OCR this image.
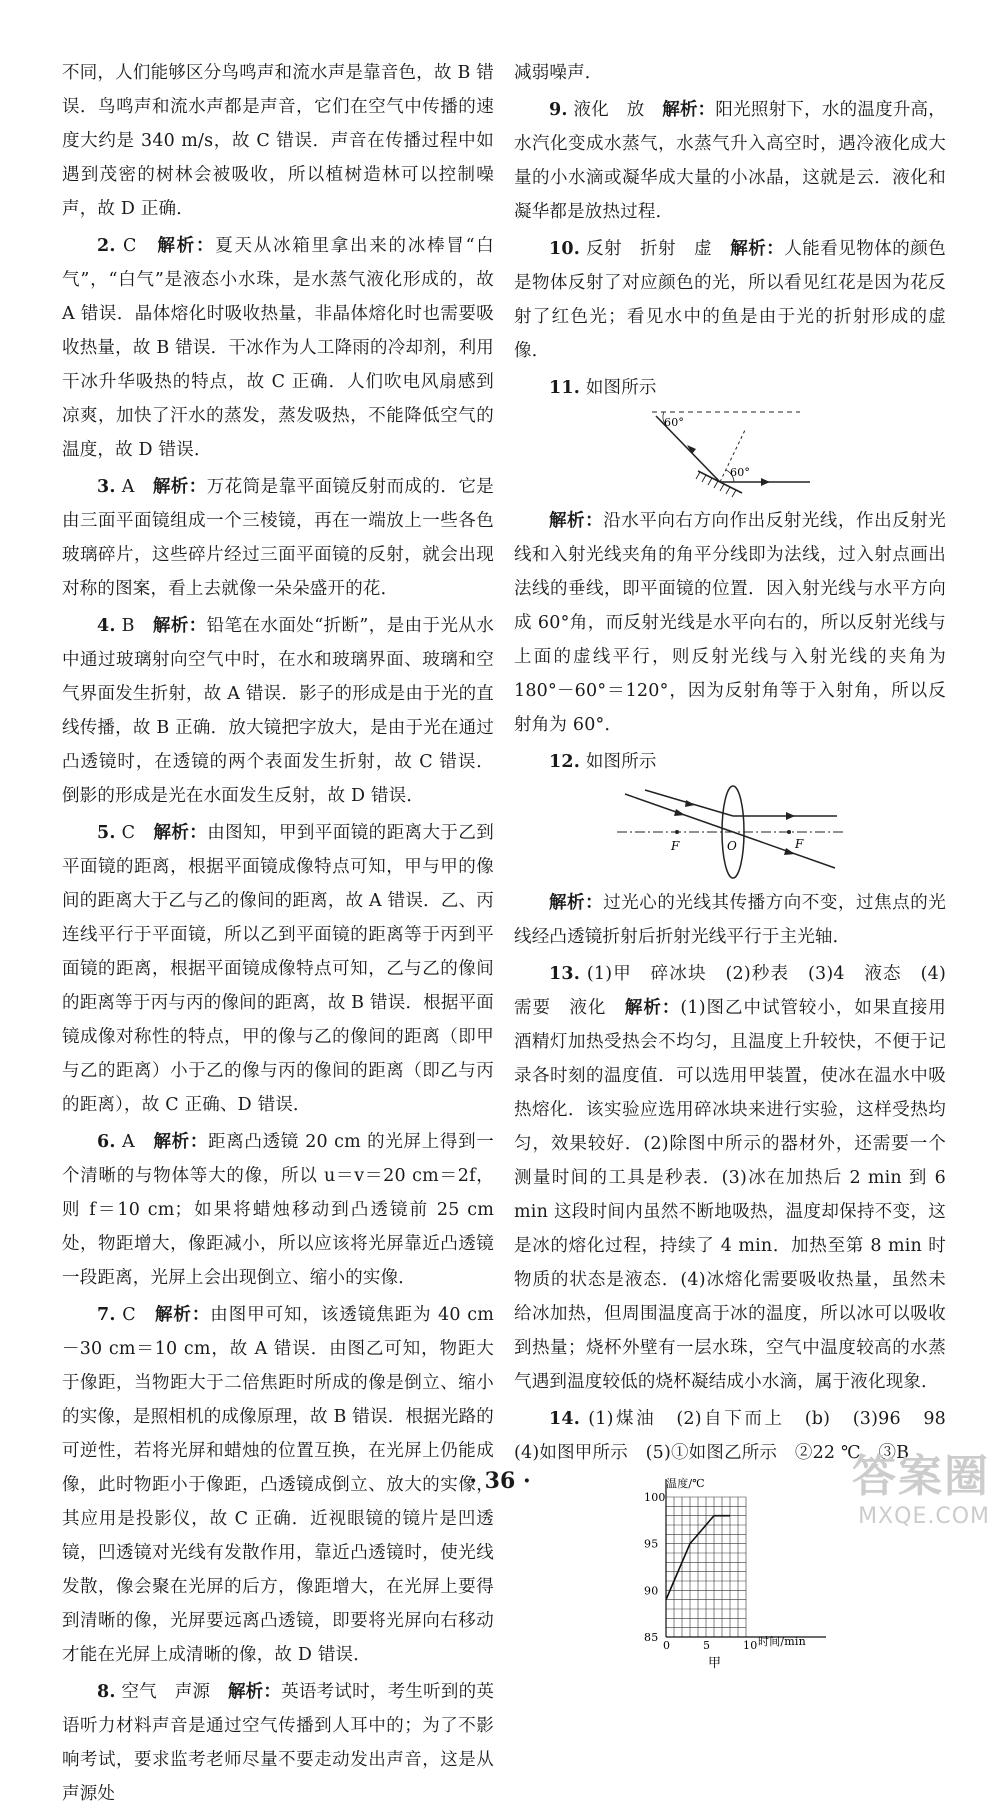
不同，人们能够区分鸟鸣声和流水声是靠音色，故 B 错误．鸟鸣声和流水声都是声音，它们在空气中传播的速度大约是 340 m/s，故 C 错误．声音在传播过程中如遇到茂密的树林会被吸收，所以植树造林可以控制噪声，故 D 正确．

2. C　 解析：夏天从冰箱里拿出来的冰棒冒“白气”，“白气”是液态小水珠，是水蒸气液化形成的，故 A 错误．晶体熔化时吸收热量，非晶体熔化时也需要吸收热量，故 B 错误．干冰作为人工降雨的冷却剂，利用干冰升华吸热的特点，故 C 正确．人们吹电风扇感到凉爽，加快了汗水的蒸发，蒸发吸热，不能降低空气的温度，故 D 错误．

3. A　 解析：万花筒是靠平面镜反射而成的．它是由三面平面镜组成一个三棱镜，再在一端放上一些各色玻璃碎片，这些碎片经过三面平面镜的反射，就会出现对称的图案，看上去就像一朵朵盛开的花．

4. B　 解析：铅笔在水面处“折断”，是由于光从水中通过玻璃射向空气中时，在水和玻璃界面、玻璃和空气界面发生折射，故 A 错误．影子的形成是由于光的直线传播，故 B 正确．放大镜把字放大，是由于光在通过凸透镜时，在透镜的两个表面发生折射，故 C 错误．倒影的形成是光在水面发生反射，故 D 错误．

5. C　 解析：由图知，甲到平面镜的距离大于乙到平面镜的距离，根据平面镜成像特点可知，甲与甲的像间的距离大于乙与乙的像间的距离，故 A 错误．乙、丙连线平行于平面镜，所以乙到平面镜的距离等于丙到平面镜的距离，根据平面镜成像特点可知，乙与乙的像间的距离等于丙与丙的像间的距离，故 B 错误．根据平面镜成像对称性的特点，甲的像与乙的像间的距离（即甲与乙的距离）小于乙的像与丙的像间的距离（即乙与丙的距离），故 C 正确、D 错误．

6. A　 解析：距离凸透镜 20 cm 的光屏上得到一个清晰的与物体等大的像，所以 u＝v＝20 cm＝2f，则 f＝10 cm；如果将蜡烛移动到凸透镜前 25 cm 处，物距增大，像距减小，所以应该将光屏靠近凸透镜一段距离，光屏上会出现倒立、缩小的实像．

7. C　 解析：由图甲可知，该透镜焦距为 40 cm－30 cm＝10 cm，故 A 错误．由图乙可知，物距大于像距，当物距大于二倍焦距时所成的像是倒立、缩小的实像，是照相机的成像原理，故 B 错误．根据光路的可逆性，若将光屏和蜡烛的位置互换，在光屏上仍能成像，此时物距小于像距，凸透镜成倒立、放大的实像，其应用是投影仪，故 C 正确．近视眼镜的镜片是凹透镜，凹透镜对光线有发散作用，靠近凸透镜时，使光线发散，像会聚在光屏的后方，像距增大，在光屏上要得到清晰的像，光屏要远离凸透镜，即要将光屏向右移动才能在光屏上成清晰的像，故 D 错误．

8. 空气　声源　 解析：英语考试时，考生听到的英语听力材料声音是通过空气传播到人耳中的；为了不影响考试，要求监考老师尽量不要走动发出声音，这是从声源处

减弱噪声．

9. 液化　放　 解析：阳光照射下，水的温度升高，水汽化变成水蒸气，水蒸气升入高空时，遇冷液化成大量的小水滴或凝华成大量的小冰晶，这就是云．液化和凝华都是放热过程．

10. 反射　折射　虚　 解析：人能看见物体的颜色是物体反射了对应颜色的光，所以看见红花是因为花反射了红色光；看见水中的鱼是由于光的折射形成的虚像．

11. 如图所示

60°
60°

解析：沿水平向右方向作出反射光线，作出反射光线和入射光线夹角的角平分线即为法线，过入射点画出法线的垂线，即平面镜的位置．因入射光线与水平方向成 60°角，而反射光线是水平向右的，所以反射光线与上面的虚线平行，则反射光线与入射光线的夹角为 180°－60°＝120°，因为反射角等于入射角，所以反射角为 60°．

12. 如图所示

F	O	F

解析：过光心的光线其传播方向不变，过焦点的光线经凸透镜折射后折射光线平行于主光轴．

13. (1)甲　碎冰块　(2)秒表　(3)4　液态　(4)需要　液化　 解析：(1)图乙中试管较小，如果直接用酒精灯加热受热会不均匀，且温度上升较快，不便于记录各时刻的温度值．可以选用甲装置，使冰在温水中吸热熔化．该实验应选用碎冰块来进行实验，这样受热均匀，效果较好．(2)除图中所示的器材外，还需要一个测量时间的工具是秒表．(3)冰在加热后 2 min 到 6 min 这段时间内虽然不断地吸热，温度却保持不变，这是冰的熔化过程，持续了 4 min．加热至第 8 min 时物质的状态是液态．(4)冰熔化需要吸收热量，虽然未给冰加热，但周围温度高于冰的温度，所以冰可以吸收到热量；烧杯外壁有一层水珠，空气中温度较高的水蒸气遇到温度较低的烧杯凝结成小水滴，属于液化现象．

14. (1)煤油　(2)自下而上　(b)　(3)96　98　(4)如图甲所示　(5)①如图乙所示　②22 ℃　③B

100
95
90
85
0	5	10
温度/℃
时间/min
甲
· 36 ·	答案圈
MXQE.COM
